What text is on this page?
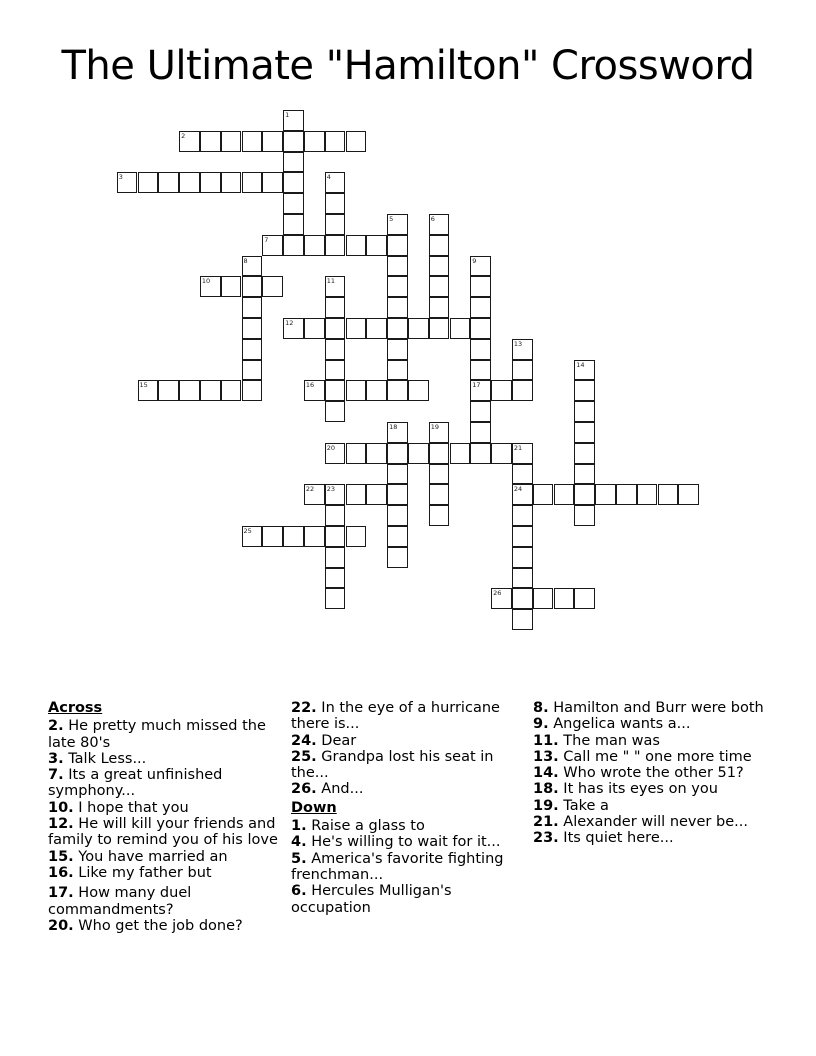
The Ultimate "Hamilton" Crossword
1
2
3	4
5	6
7
8	9
17
10	11
12
13
14
15	16
18	19
20	21
24
22 23
25
26
Across
2. He pretty much missed the late 80's
3. Talk Less...
7. Its a great unfinished symphony...
10. I hope that you
12. He will kill your friends and family to remind you of his love
15. You have married an
16. Like my father but
17. How many duel commandments?
20. Who get the job done?
22. In the eye of a hurricane there is...
24. Dear
25. Grandpa lost his seat in the...
26. And...
Down
1. Raise a glass to
4. He's willing to wait for it...
5. America's favorite fighting frenchman...
6. Hercules Mulligan's occupation
8. Hamilton and Burr were both
9. Angelica wants a...
11. The man was
13. Call me " " one more time
14. Who wrote the other 51?
18. It has its eyes on you
19. Take a
21. Alexander will never be...
23. Its quiet here...
